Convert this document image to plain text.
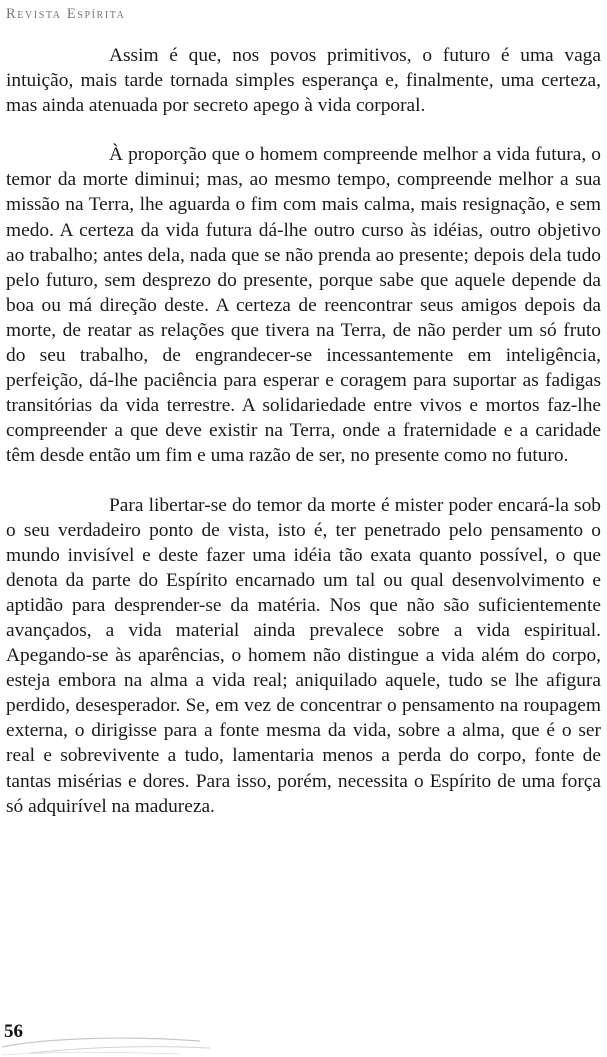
Revista Espírita

Assim é que, nos povos primitivos, o futuro é uma vaga intuição, mais tarde tornada simples esperança e, finalmente, uma certeza, mas ainda atenuada por secreto apego à vida corporal.

À proporção que o homem compreende melhor a vida futura, o temor da morte diminui; mas, ao mesmo tempo, compreende melhor a sua missão na Terra, lhe aguarda o fim com mais calma, mais resignação, e sem medo. A certeza da vida futura dá-lhe outro curso às idéias, outro objetivo ao trabalho; antes dela, nada que se não prenda ao presente; depois dela tudo pelo futuro, sem desprezo do presente, porque sabe que aquele depende da boa ou má direção deste. A certeza de reencontrar seus amigos depois da morte, de reatar as relações que tivera na Terra, de não perder um só fruto do seu trabalho, de engrandecer-se incessantemente em inteligência, perfeição, dá-lhe paciência para esperar e coragem para suportar as fadigas transitórias da vida terrestre. A solidariedade entre vivos e mortos faz-lhe compreender a que deve existir na Terra, onde a fraternidade e a caridade têm desde então um fim e uma razão de ser, no presente como no futuro.

Para libertar-se do temor da morte é mister poder encará-la sob o seu verdadeiro ponto de vista, isto é, ter penetrado pelo pensamento o mundo invisível e deste fazer uma idéia tão exata quanto possível, o que denota da parte do Espírito encarnado um tal ou qual desenvolvimento e aptidão para desprender-se da matéria. Nos que não são suficientemente avançados, a vida material ainda prevalece sobre a vida espiritual. Apegando-se às aparências, o homem não distingue a vida além do corpo, esteja embora na alma a vida real; aniquilado aquele, tudo se lhe afigura perdido, desesperador. Se, em vez de concentrar o pensamento na roupagem externa, o dirigisse para a fonte mesma da vida, sobre a alma, que é o ser real e sobrevivente a tudo, lamentaria menos a perda do corpo, fonte de tantas misérias e dores. Para isso, porém, necessita o Espírito de uma força só adquirível na madureza.

56
